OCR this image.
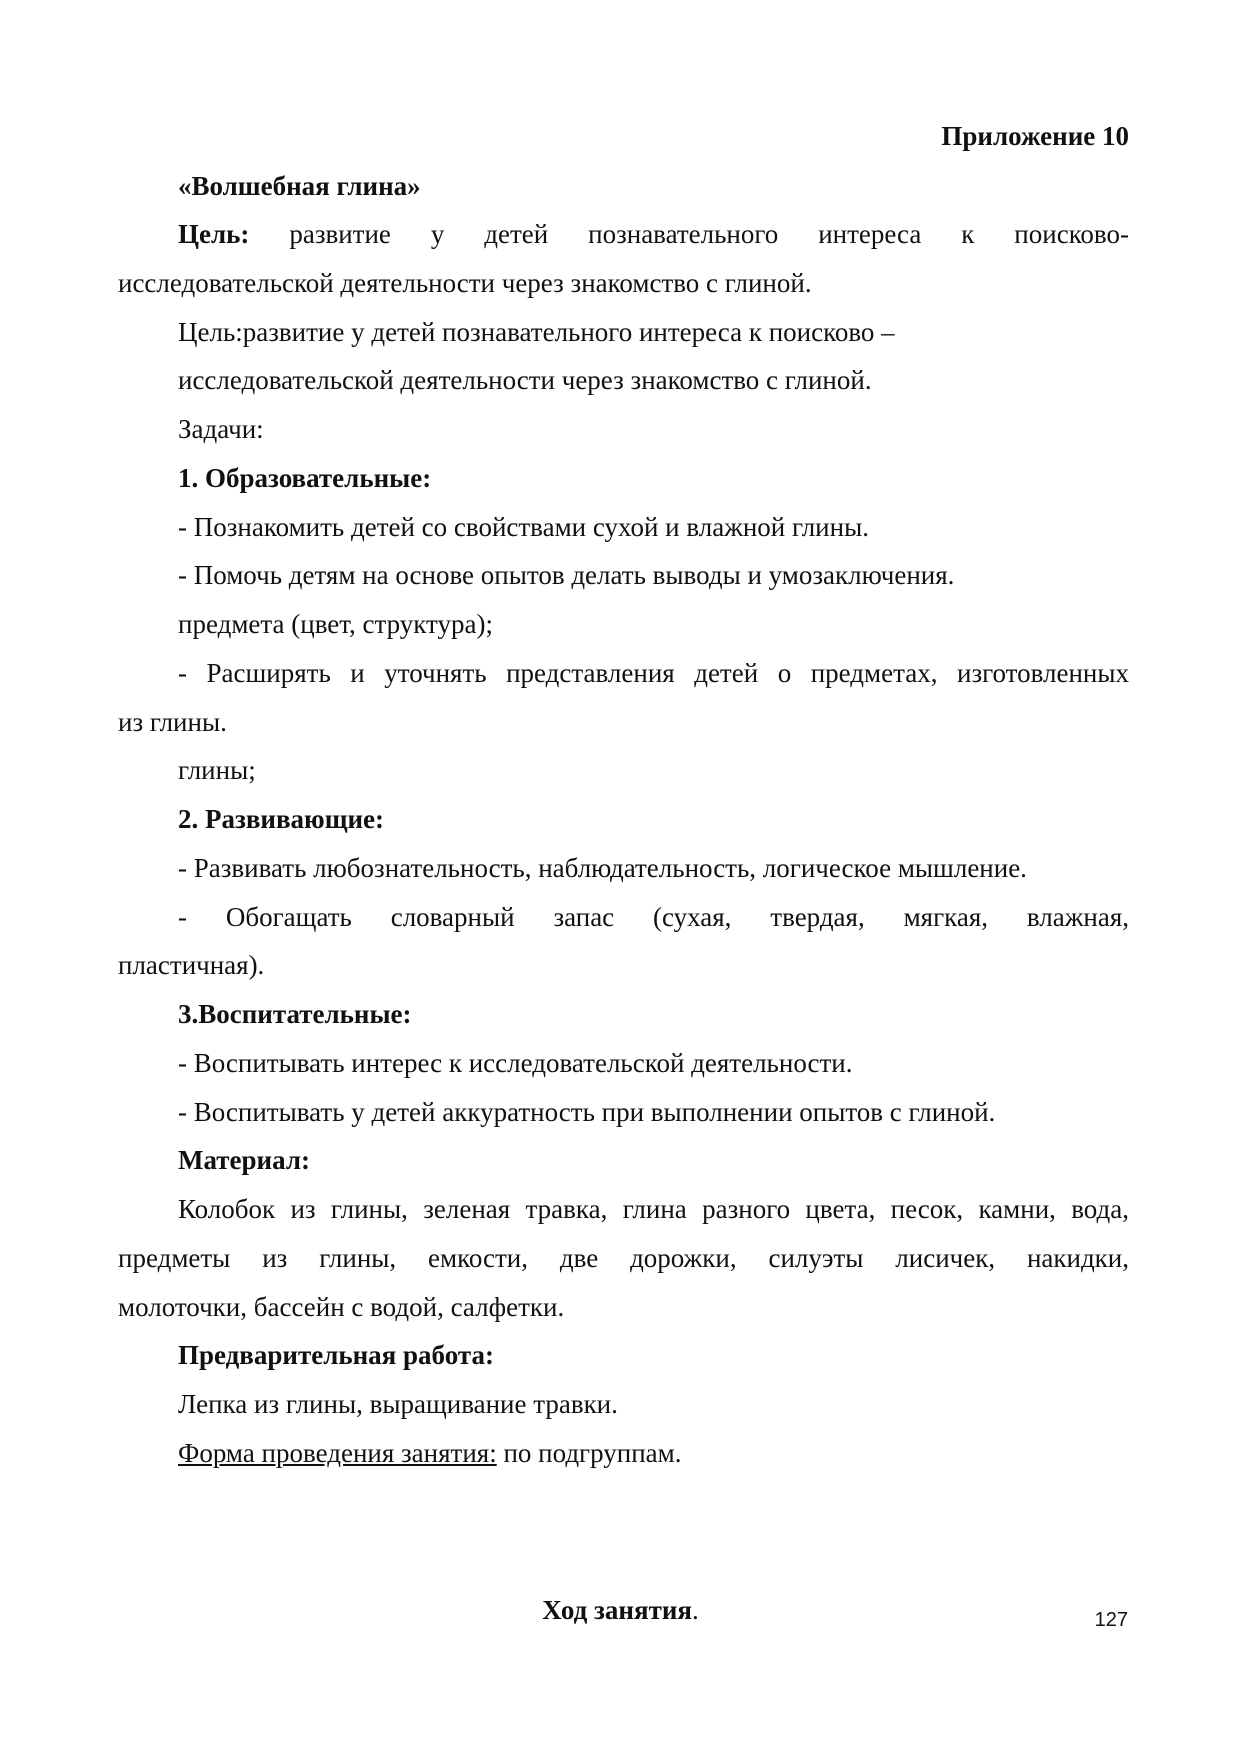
Приложение 10
«Волшебная глина»
Цель: развитие у детей познавательного интереса к поисково-
исследовательской деятельности через знакомство с глиной.
Цель:развитие у детей познавательного интереса к поисково –
исследовательской деятельности через знакомство с глиной.
Задачи:
1. Образовательные:
- Познакомить детей со свойствами сухой и влажной глины.
- Помочь детям на основе опытов делать выводы и умозаключения.
предмета (цвет, структура);
- Расширять и уточнять представления детей о предметах, изготовленных
из глины.
глины;
2. Развивающие:
- Развивать любознательность, наблюдательность, логическое мышление.
- Обогащать словарный запас (сухая, твердая, мягкая, влажная,
пластичная).
3.Воспитательные:
- Воспитывать интерес к исследовательской деятельности.
- Воспитывать у детей аккуратность при выполнении опытов с глиной.
Материал:
Колобок из глины, зеленая травка, глина разного цвета, песок, камни, вода,
предметы из глины, емкости, две дорожки, силуэты лисичек, накидки,
молоточки, бассейн с водой, салфетки.
Предварительная работа:
Лепка из глины, выращивание травки.
Форма проведения занятия: по подгруппам.
Ход занятия.	127
